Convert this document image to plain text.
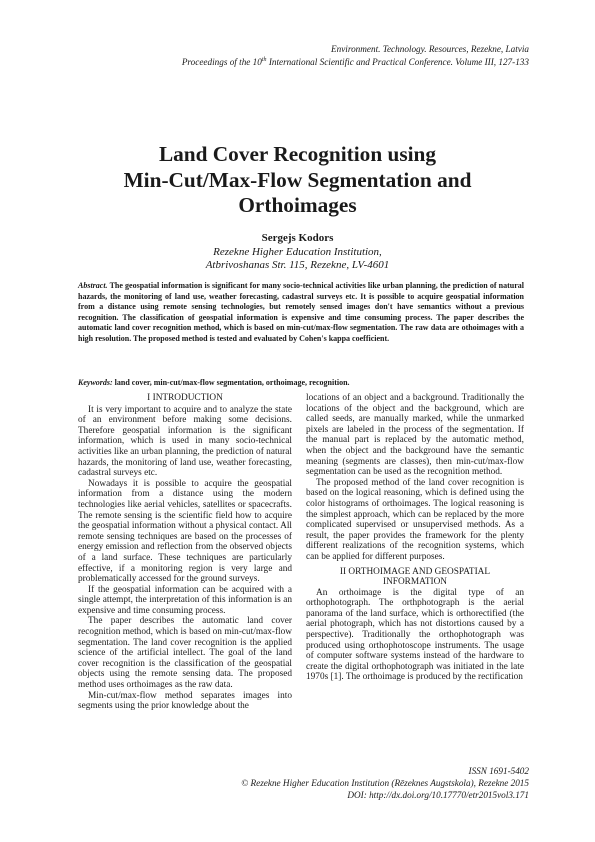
Environment. Technology. Resources, Rezekne, Latvia
Proceedings of the 10th International Scientific and Practical Conference. Volume III, 127-133
Land Cover Recognition using
Min-Cut/Max-Flow Segmentation and
Orthoimages
Sergejs Kodors
Rezekne Higher Education Institution,
Atbrivoshanas Str. 115, Rezekne, LV-4601
Abstract. The geospatial information is significant for many socio-technical activities like urban planning, the prediction of natural hazards, the monitoring of land use, weather forecasting, cadastral surveys etc. It is possible to acquire geospatial information from a distance using remote sensing technologies, but remotely sensed images don't have semantics without a previous recognition. The classification of geospatial information is expensive and time consuming process. The paper describes the automatic land cover recognition method, which is based on min-cut/max-flow segmentation. The raw data are othoimages with a high resolution. The proposed method is tested and evaluated by Cohen's kappa coefficient.
Keywords: land cover, min-cut/max-flow segmentation, orthoimage, recognition.
I INTRODUCTION

It is very important to acquire and to analyze the state of an environment before making some decisions. Therefore geospatial information is the significant information, which is used in many socio-technical activities like an urban planning, the prediction of natural hazards, the monitoring of land use, weather forecasting, cadastral surveys etc.

Nowadays it is possible to acquire the geospatial information from a distance using the modern technologies like aerial vehicles, satellites or spacecrafts. The remote sensing is the scientific field how to acquire the geospatial information without a physical contact. All remote sensing techniques are based on the processes of energy emission and reflection from the observed objects of a land surface. These techniques are particularly effective, if a monitoring region is very large and problematically accessed for the ground surveys.

If the geospatial information can be acquired with a single attempt, the interpretation of this information is an expensive and time consuming process.

The paper describes the automatic land cover recognition method, which is based on min-cut/max-flow segmentation. The land cover recognition is the applied science of the artificial intellect. The goal of the land cover recognition is the classification of the geospatial objects using the remote sensing data. The proposed method uses orthoimages as the raw data.

Min-cut/max-flow method separates images into segments using the prior knowledge about the

locations of an object and a background. Traditionally the locations of the object and the background, which are called seeds, are manually marked, while the unmarked pixels are labeled in the process of the segmentation. If the manual part is replaced by the automatic method, when the object and the background have the semantic meaning (segments are classes), then min-cut/max-flow segmentation can be used as the recognition method.

The proposed method of the land cover recognition is based on the logical reasoning, which is defined using the color histograms of orthoimages. The logical reasoning is the simplest approach, which can be replaced by the more complicated supervised or unsupervised methods. As a result, the paper provides the framework for the plenty different realizations of the recognition systems, which can be applied for different purposes.

II ORTHOIMAGE AND GEOSPATIAL
INFORMATION

An orthoimage is the digital type of an orthophotograph. The orthphotograph is the aerial panorama of the land surface, which is orthorectified (the aerial photograph, which has not distortions caused by a perspective). Traditionally the orthophotograph was produced using orthophotoscope instruments. The usage of computer software systems instead of the hardware to create the digital orthophotograph was initiated in the late 1970s [1]. The orthoimage is produced by the rectification

ISSN 1691-5402
© Rezekne Higher Education Institution (Rēzeknes Augstskola), Rezekne 2015
DOI: http://dx.doi.org/10.17770/etr2015vol3.171
